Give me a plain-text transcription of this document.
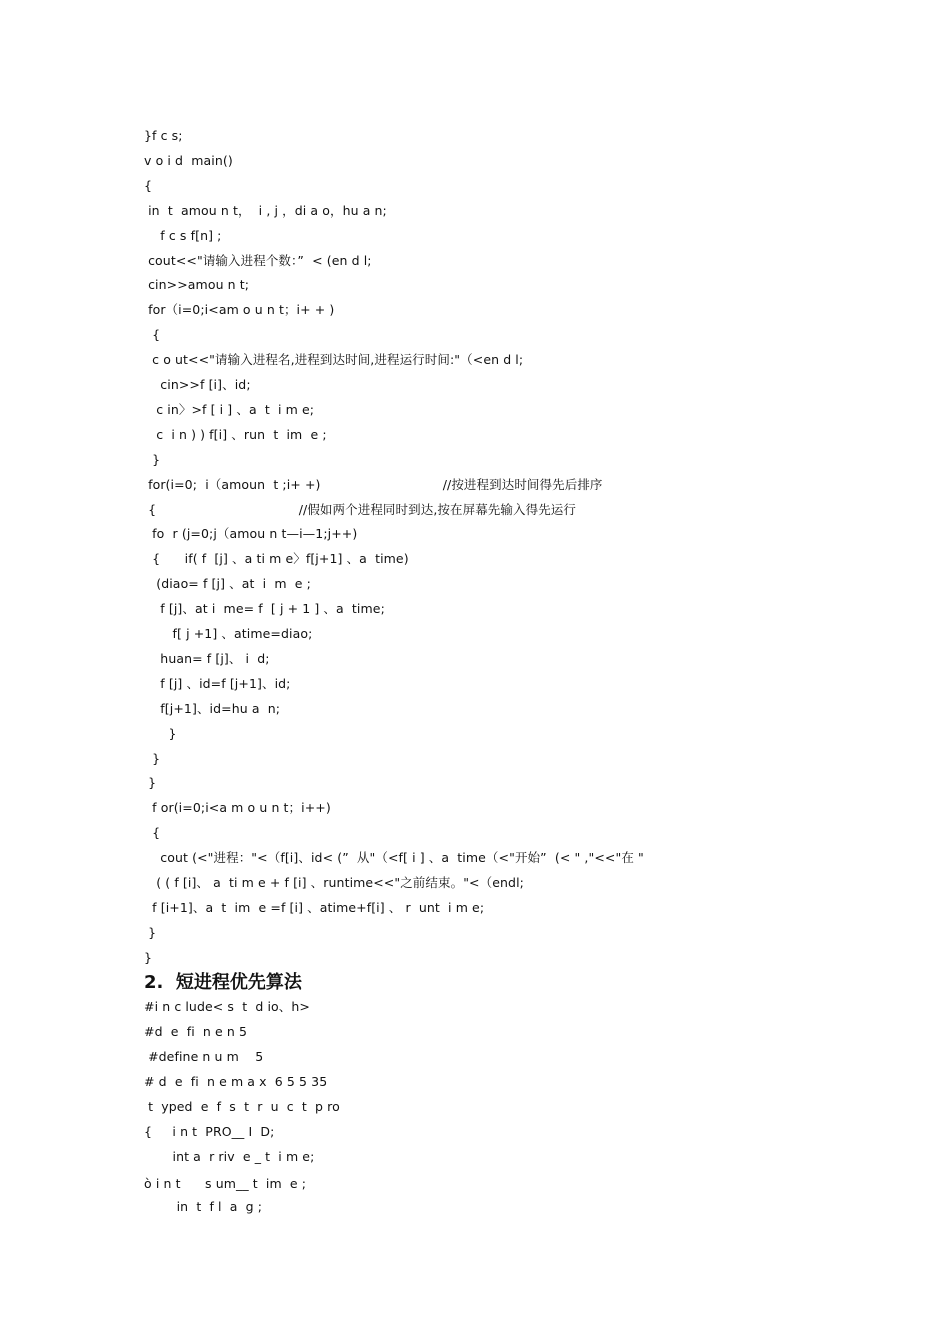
}f c s;
v o i d  main()
{
in  t  amou n t，  i , j ，di a o，hu a n;
f c s f[n] ;
cout<<"请输入进程个数：”  < (en d l;
cin>>amou n t;
for（i=0;i<am o u n t；i+ + )
{
c o ut<<"请输入进程名,进程到达时间,进程运行时间:"（<en d l;
cin>>f [i]、id;
c in〉>f [ i ] 、a  t  i m e;
c  i n ) ) f[i] 、run  t  im  e ;
}
for(i=0;  i（amoun  t ;i+ +)                              //按进程到达时间得先后排序
{                                   //假如两个进程同时到达,按在屏幕先输入得先运行
fo  r (j=0;j（amou n t—i—1;j++)
{      if( f  [j] 、a ti m e〉f[j+1] 、a  time)
(diao= f [j] 、at  i  m  e ;
f [j]、at i  me= f  [ j + 1 ] 、a  time;
f[ j +1] 、atime=diao;
huan= f [j]、 i  d;
f [j] 、id=f [j+1]、id;
f[j+1]、id=hu a  n;
}
}
}
f or(i=0;i<a m o u n t；i++)
{
cout (<"进程："<（f[i]、id< (”  从"（<f[ i ] 、a  time（<"开始”  (< " ,"<<"在 "
( ( f [i]、 a  ti m e + f [i] 、runtime<<"之前结束。"<（endl;
f [i+1]、a  t  im  e =f [i] 、atime+f[i] 、 r  unt  i m e;
}
}
2.  短进程优先算法
#i n c lude< s  t  d io、h>
#d  e  fi  n e n 5
#define n u m    5
# d  e  fi  n e m a x  6 5 5 35
t  yped  e  f  s  t  r  u  c  t  p ro
{     i n t  PRO__ I  D;
int a  r riv  e _ t  i m e;
ò i n t      s um__ t  im  e ;
in  t  f l  a  g ;
